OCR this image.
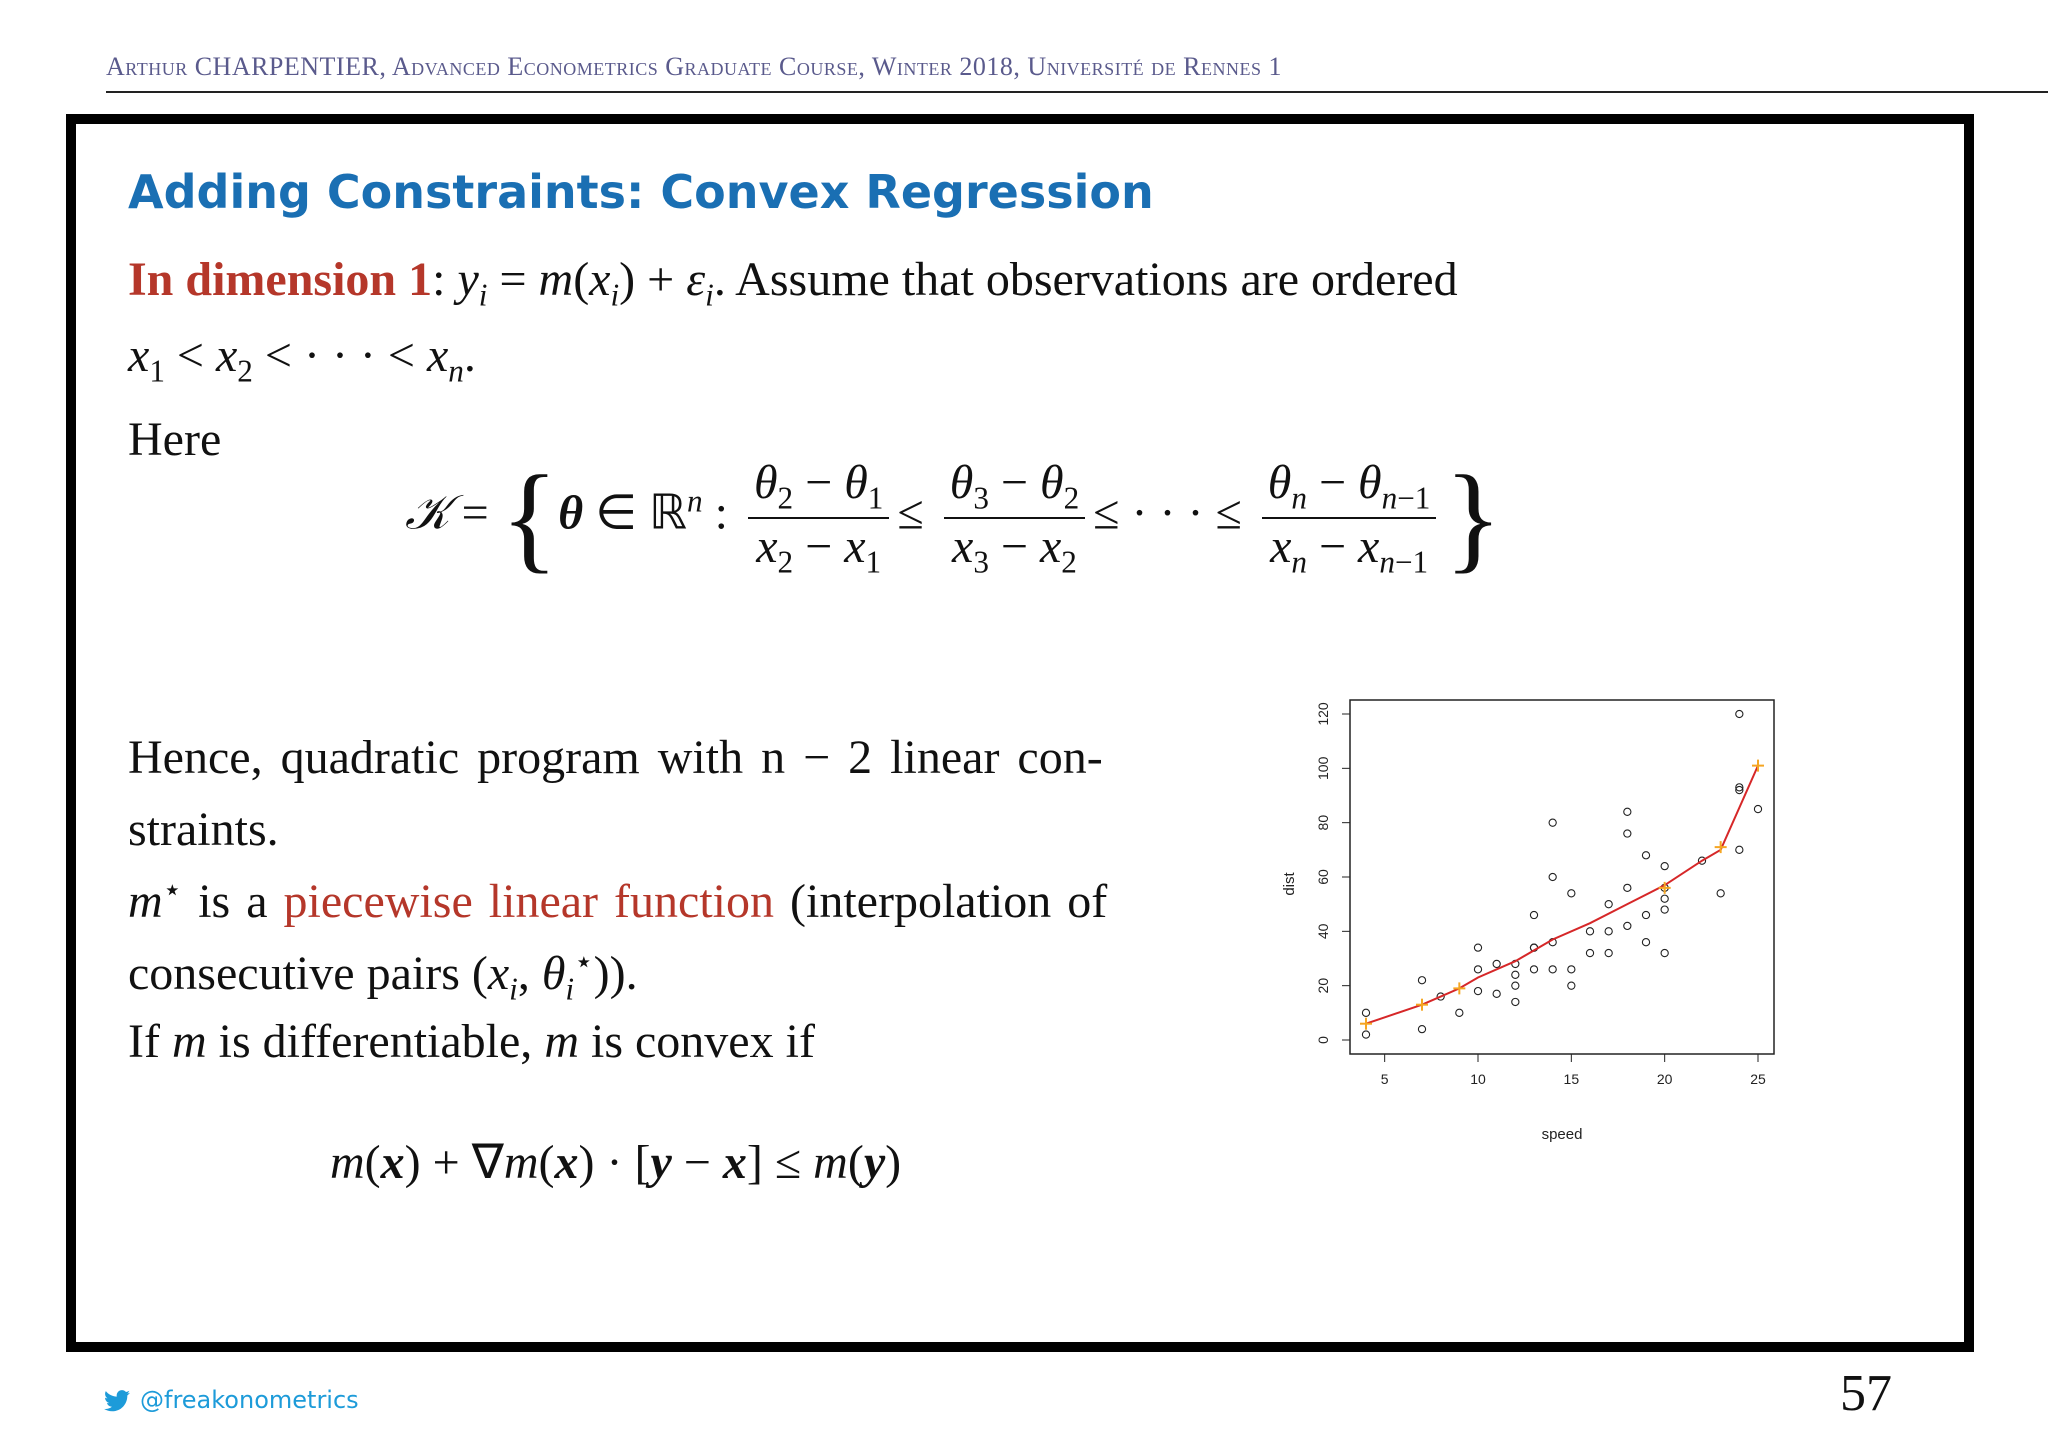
Arthur CHARPENTIER, Advanced Econometrics Graduate Course, Winter 2018, Université de Rennes 1
Adding Constraints: Convex Regression
In dimension 1: $y_i = m(x_i) + \varepsilon_i$. Assume that observations are ordered
$x_1 < x_2$ < · · · < $x_n$.
Here
𝒦 = {θ ∈ ℝ$^n$ : $\frac{\theta_2 - \theta_1}{x_2 - x_1} \le \frac{\theta_3 - \theta_2}{x_3 - x_2}$ ≤ · · · ≤ $\frac{\theta_n - \theta_{n-1}}{x_n - x_{n-1}}$ }
Hence, quadratic program with n − 2 linear con-
straints.
m⋆ is a piecewise linear function (interpolation of
consecutive pairs ($x_i$, $\theta_i^⋆$)).
If m is differentiable, m is convex if
m(x) + ∇m(x) · [y − x] ≤ m(y)
5	10	15	20	25
0
20
40
60
80
100
120
speed
dist
@freakonometrics	57
